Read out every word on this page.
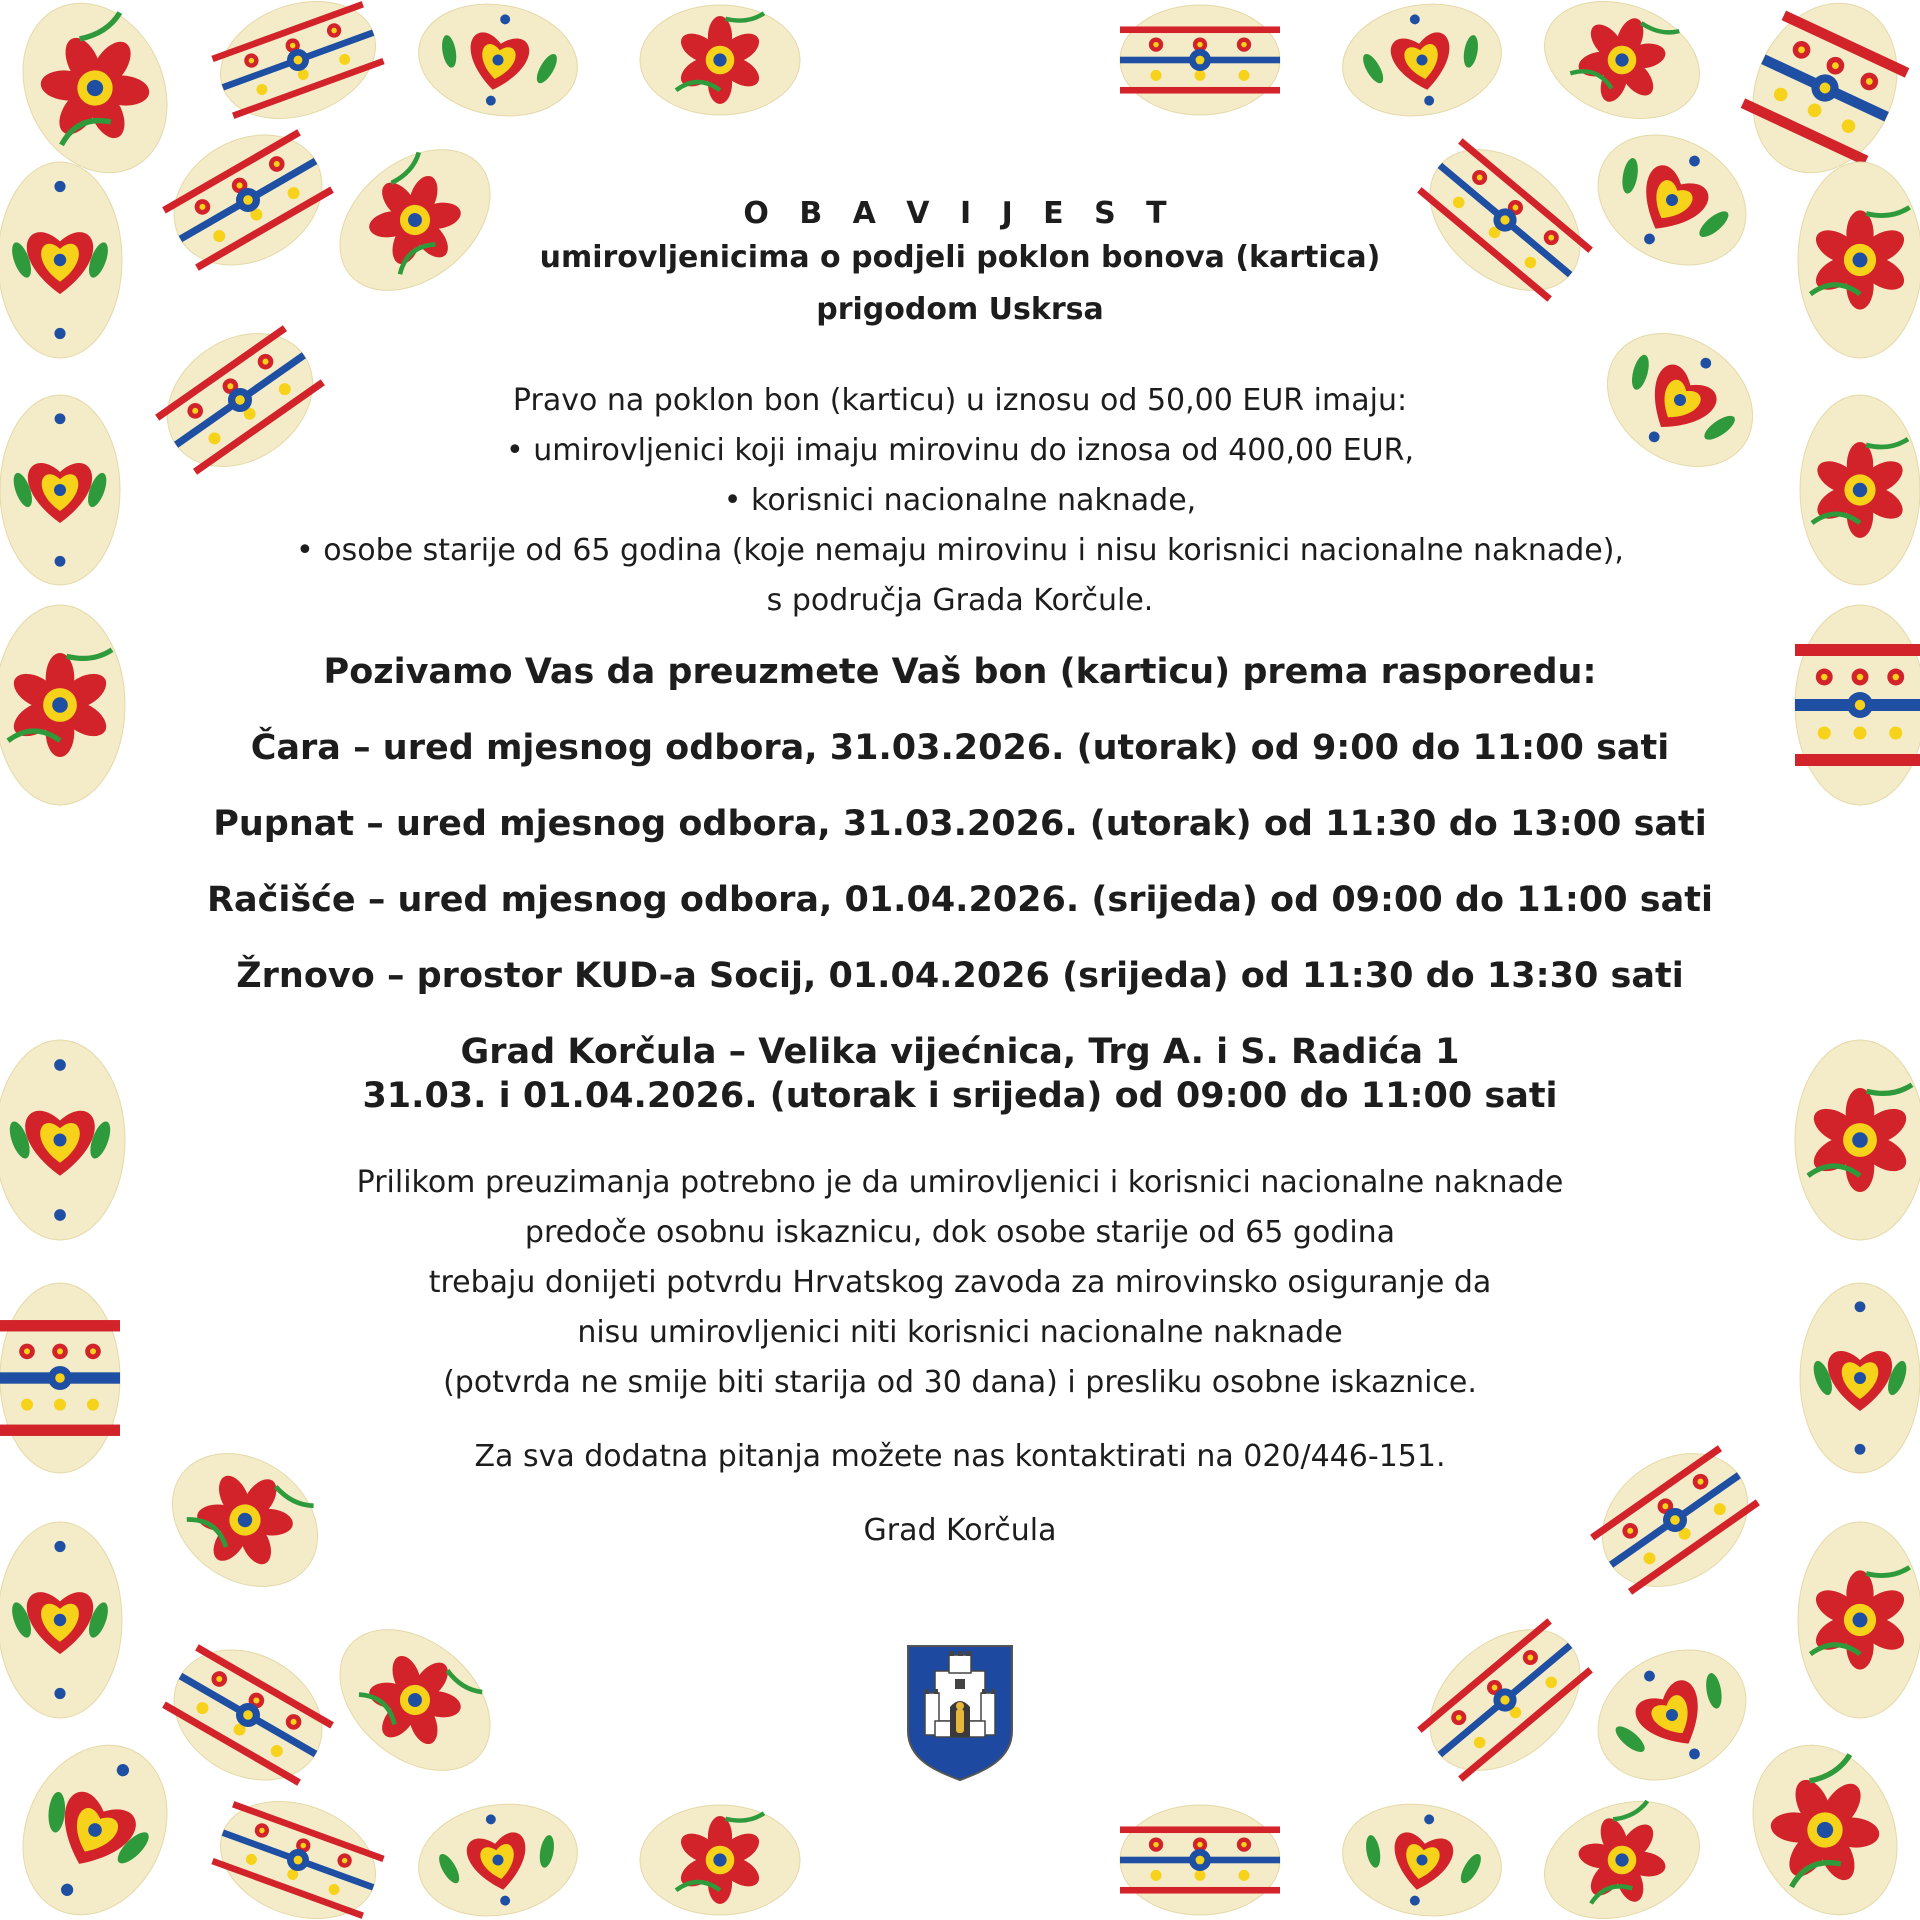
O B A V I J E S T
umirovljenicima o podjeli poklon bonova (kartica)
prigodom Uskrsa
Pravo na poklon bon (karticu) u iznosu od 50,00 EUR imaju:
• umirovljenici koji imaju mirovinu do iznosa od 400,00 EUR,
• korisnici nacionalne naknade,
• osobe starije od 65 godina (koje nemaju mirovinu i nisu korisnici nacionalne naknade),
s područja Grada Korčule.

Pozivamo Vas da preuzmete Vaš bon (karticu) prema rasporedu:

Čara – ured mjesnog odbora, 31.03.2026. (utorak) od 9:00 do 11:00 sati

Pupnat – ured mjesnog odbora, 31.03.2026. (utorak) od 11:30 do 13:00 sati

Račišće – ured mjesnog odbora, 01.04.2026. (srijeda) od 09:00 do 11:00 sati

Žrnovo – prostor KUD-a Socij, 01.04.2026 (srijeda) od 11:30 do 13:30 sati

Grad Korčula – Velika vijećnica, Trg A. i S. Radića 1

31.03. i 01.04.2026. (utorak i srijeda) od 09:00 do 11:00 sati

Prilikom preuzimanja potrebno je da umirovljenici i korisnici nacionalne naknade
predoče osobnu iskaznicu, dok osobe starije od 65 godina
trebaju donijeti potvrdu Hrvatskog zavoda za mirovinsko osiguranje da
nisu umirovljenici niti korisnici nacionalne naknade
(potvrda ne smije biti starija od 30 dana) i presliku osobne iskaznice.
Za sva dodatna pitanja možete nas kontaktirati na 020/446-151.
Grad Korčula
